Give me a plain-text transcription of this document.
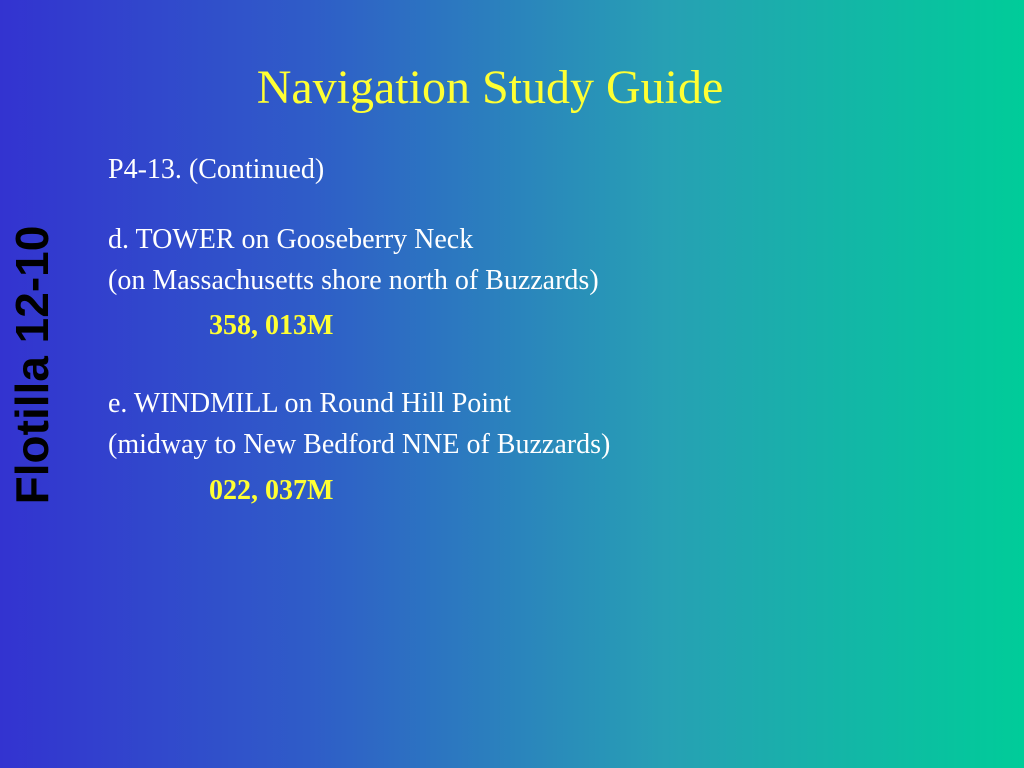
Flotilla 12-10
Navigation Study Guide
P4-13. (Continued)
d. TOWER on Gooseberry Neck
(on Massachusetts shore north of Buzzards)
358, 013M
e. WINDMILL on Round Hill Point
(midway to New Bedford NNE of Buzzards)
022, 037M
